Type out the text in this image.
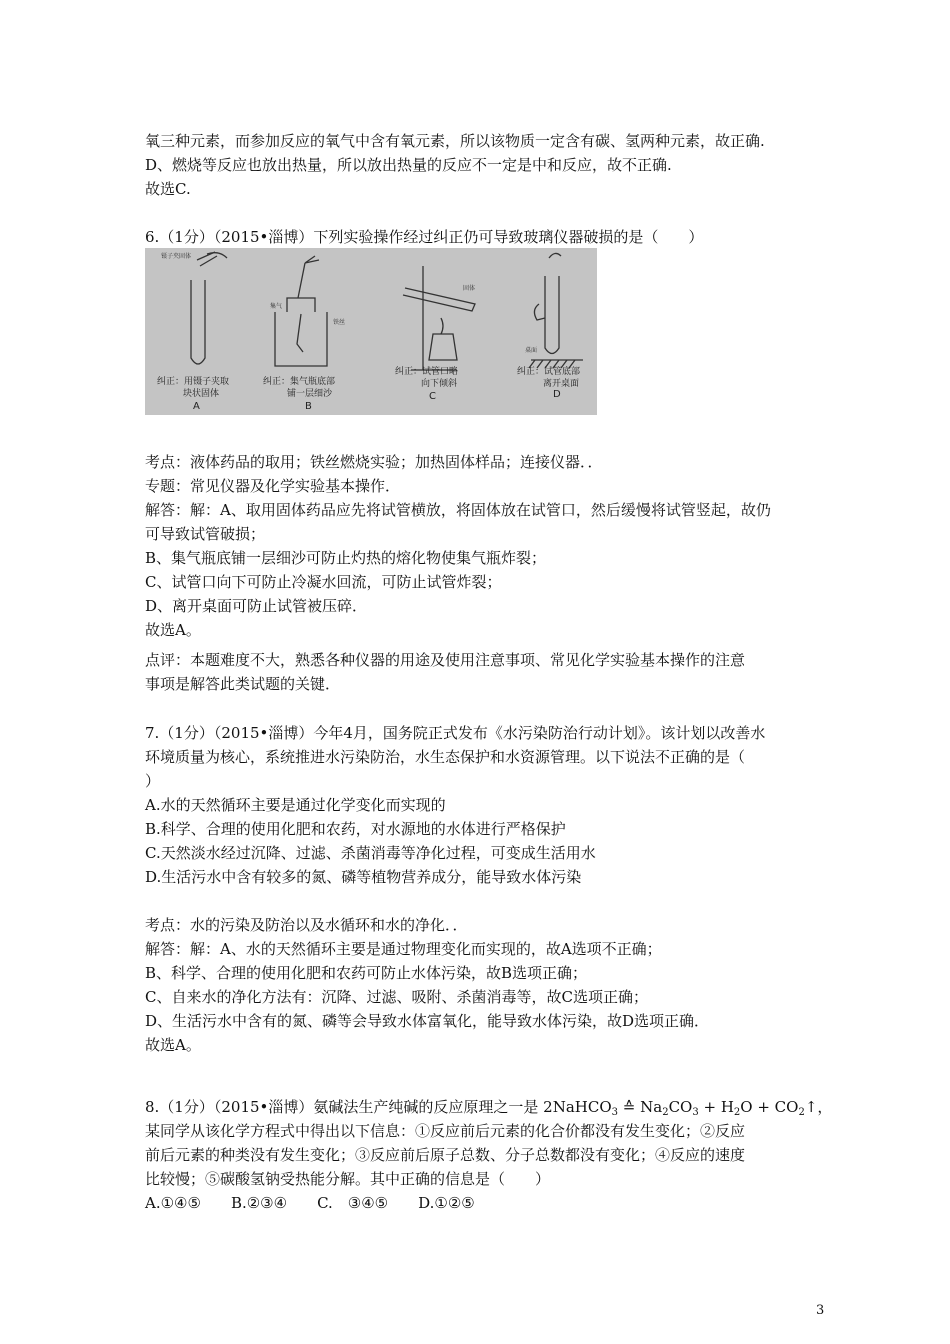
氧三种元素，而参加反应的氧气中含有氧元素，所以该物质一定含有碳、氢两种元素，故正确.
D、燃烧等反应也放出热量，所以放出热量的反应不一定是中和反应，故不正确.
故选C.
6.（1分）（2015•淄博）下列实验操作经过纠正仍可导致玻璃仪器破损的是（　　）
镊子夹固体
集气
铁丝
固体
桌面
纠正：用镊子夹取
块状固体
纠正：集气瓶底部
铺一层细沙
纠正：试管口略
向下倾斜
纠正：试管底部
离开桌面
A	B
C	D
考点：液体药品的取用；铁丝燃烧实验；加热固体样品；连接仪器．．
专题：常见仪器及化学实验基本操作．
解答：解：A、取用固体药品应先将试管横放，将固体放在试管口，然后缓慢将试管竖起，故仍
可导致试管破损；
B、集气瓶底铺一层细沙可防止灼热的熔化物使集气瓶炸裂；
C、试管口向下可防止冷凝水回流，可防止试管炸裂；
D、离开桌面可防止试管被压碎．
故选A。
点评：本题难度不大，熟悉各种仪器的用途及使用注意事项、常见化学实验基本操作的注意
事项是解答此类试题的关键．
7.（1分）（2015•淄博）今年4月，国务院正式发布《水污染防治行动计划》。该计划以改善水
环境质量为核心，系统推进水污染防治，水生态保护和水资源管理。以下说法不正确的是（
）
A.水的天然循环主要是通过化学变化而实现的
B.科学、合理的使用化肥和农药，对水源地的水体进行严格保护
C.天然淡水经过沉降、过滤、杀菌消毒等净化过程，可变成生活用水
D.生活污水中含有较多的氮、磷等植物营养成分，能导致水体污染
考点：水的污染及防治以及水循环和水的净化．．
解答：解：A、水的天然循环主要是通过物理变化而实现的，故A选项不正确；
B、科学、合理的使用化肥和农药可防止水体污染，故B选项正确；
C、自来水的净化方法有：沉降、过滤、吸附、杀菌消毒等，故C选项正确；
D、生活污水中含有的氮、磷等会导致水体富氧化，能导致水体污染，故D选项正确．
故选A。
8.（1分）（2015•淄博）氨碱法生产纯碱的反应原理之一是 2NaHCO$_3$ ≙ $Na_2CO_3 + H_2O$ + $CO_2↑$，
某同学从该化学方程式中得出以下信息：①反应前后元素的化合价都没有发生变化；②反应
前后元素的种类没有发生变化；③反应前后原子总数、分子总数都没有变化；④反应的速度
比较慢；⑤碳酸氢钠受热能分解。其中正确的信息是（　　）
A.①④⑤　　B.②③④　　C.　③④⑤　　D.①②⑤
3
